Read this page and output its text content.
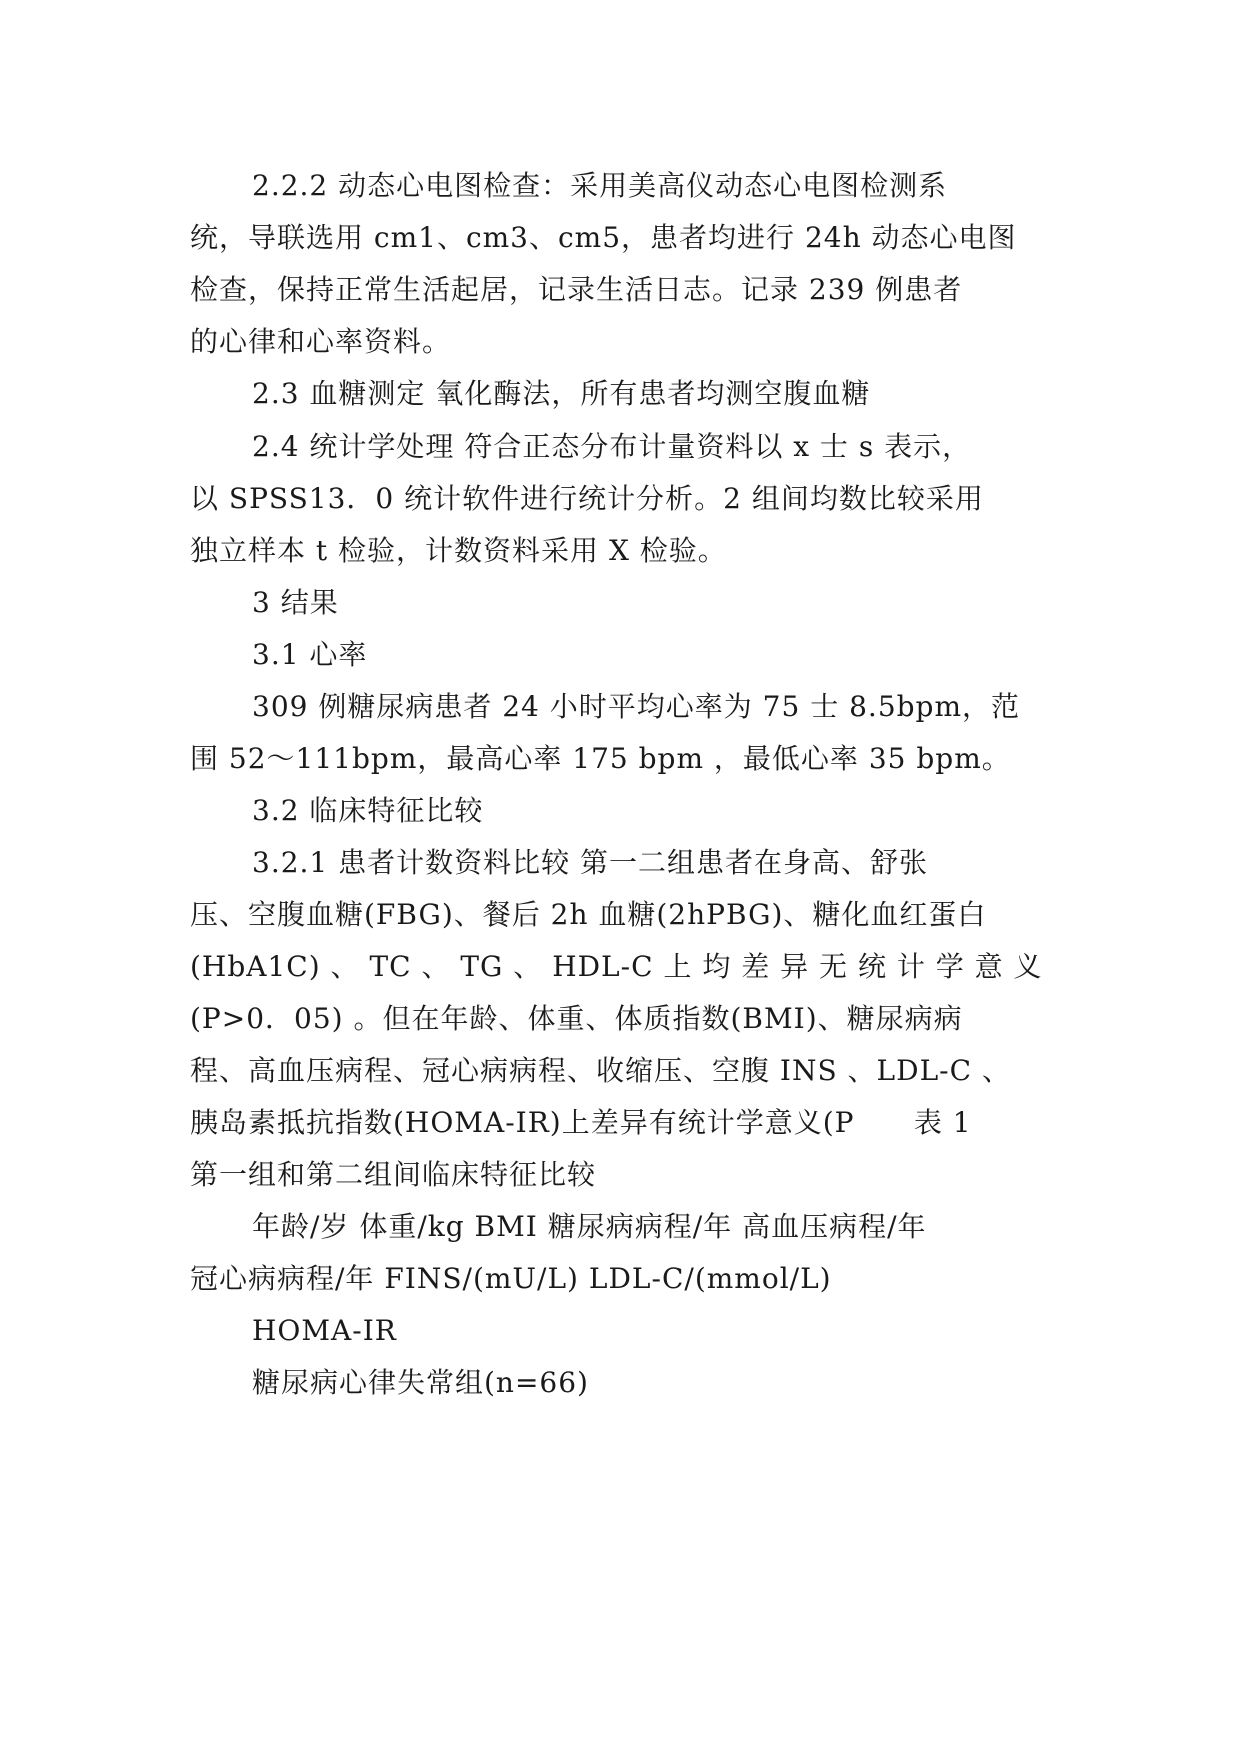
2.2.2 动态心电图检查：采用美高仪动态心电图检测系
统，导联选用 cm1、cm3、cm5，患者均进行 24h 动态心电图
检查，保持正常生活起居，记录生活日志。记录 239 例患者
的心律和心率资料。
2.3 血糖测定 氧化酶法，所有患者均测空腹血糖
2.4 统计学处理 符合正态分布计量资料以 x 士 s 表示，
以 SPSS13．0 统计软件进行统计分析。2 组间均数比较采用
独立样本 t 检验，计数资料采用 X 检验。
3 结果
3.1 心率
309 例糖尿病患者 24 小时平均心率为 75 士 8.5bpm，范
围 52～111bpm，最高心率 175 bpm ，最低心率 35 bpm。
3.2 临床特征比较
3.2.1 患者计数资料比较 第一二组患者在身高、舒张
压、空腹血糖(FBG)、餐后 2h 血糖(2hPBG)、糖化血红蛋白
(HbA1C) 、 TC 、 TG 、 HDL-C 上 均 差 异 无 统 计 学 意 义
(P>0．05) 。但在年龄、体重、体质指数(BMI)、糖尿病病
程、高血压病程、冠心病病程、收缩压、空腹 INS 、LDL-C 、
胰岛素抵抗指数(HOMA-IR)上差异有统计学意义(P      表 1
第一组和第二组间临床特征比较
年龄/岁 体重/kg BMI 糖尿病病程/年 高血压病程/年
冠心病病程/年 FINS/(mU/L) LDL-C/(mmol/L)
HOMA-IR
糖尿病心律失常组(n=66)
